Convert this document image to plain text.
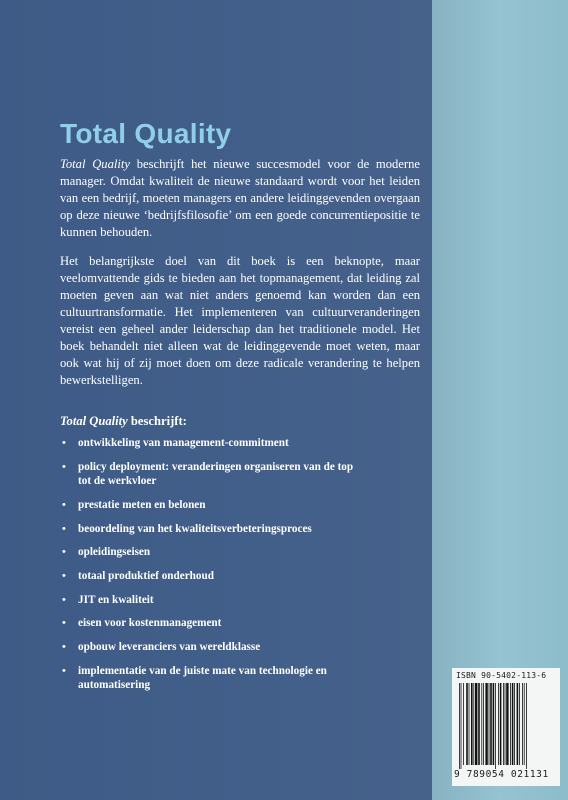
Total Quality

Total Quality beschrijft het nieuwe succesmodel voor de moderne manager. Omdat kwaliteit de nieuwe standaard wordt voor het leiden van een bedrijf, moeten managers en andere leidinggevenden overgaan op deze nieuwe ‘bedrijfsfilosofie’ om een goede concurrentiepositie te kunnen behouden.

Het belangrijkste doel van dit boek is een beknopte, maar veelomvattende gids te bieden aan het topmanagement, dat leiding zal moeten geven aan wat niet anders genoemd kan worden dan een cultuurtransformatie. Het implementeren van cultuurveranderingen vereist een geheel ander leiderschap dan het traditionele model. Het boek behandelt niet alleen wat de leidinggevende moet weten, maar ook wat hij of zij moet doen om deze radicale verandering te helpen bewerkstelligen.

Total Quality beschrijft:

• ontwikkeling van management-commitment
• policy deployment: veranderingen organiseren van de top tot de werkvloer
• prestatie meten en belonen
• beoordeling van het kwaliteitsverbeteringsproces
• opleidingseisen
• totaal produktief onderhoud
• JIT en kwaliteit
• eisen voor kostenmanagement
• opbouw leveranciers van wereldklasse
• implementatie van de juiste mate van technologie en automatisering
ISBN 90-5402-113-6
9 789054 021131
